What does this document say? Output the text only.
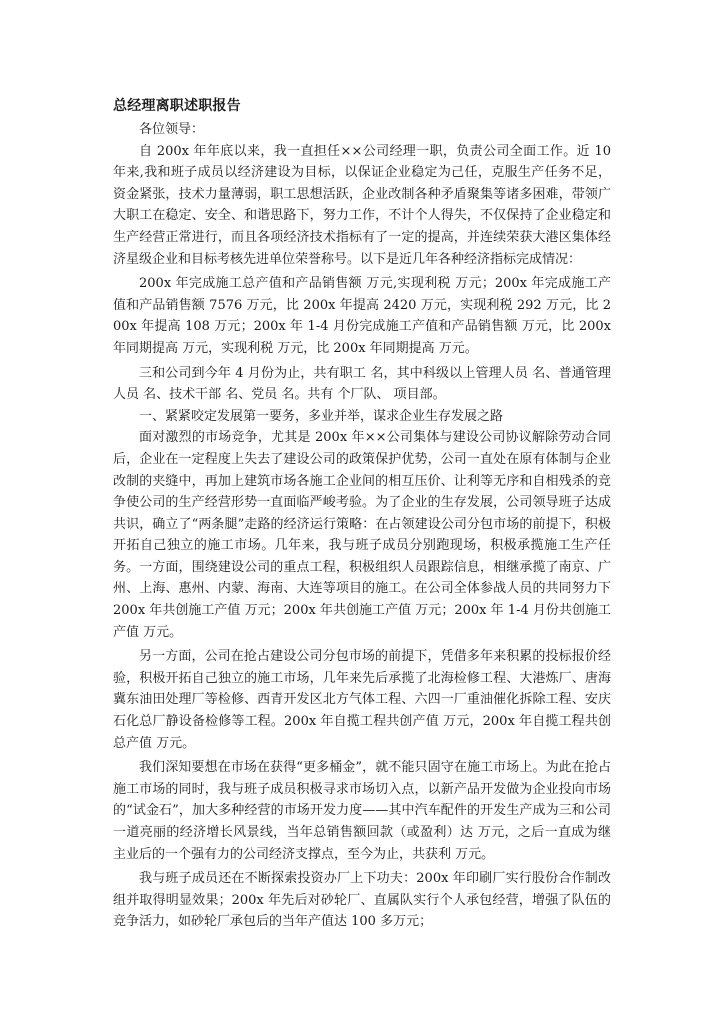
总经理离职述职报告

各位领导：

自 200x 年年底以来，我一直担任××公司经理一职，负责公司全面工作。近 10 年来,我和班子成员以经济建设为目标，以保证企业稳定为己任，克服生产任务不足，资金紧张，技术力量薄弱，职工思想活跃，企业改制各种矛盾聚集等诸多困难，带领广大职工在稳定、安全、和谐思路下，努力工作，不计个人得失，不仅保持了企业稳定和生产经营正常进行，而且各项经济技术指标有了一定的提高，并连续荣获大港区集体经济星级企业和目标考核先进单位荣誉称号。以下是近几年各种经济指标完成情况：

200x 年完成施工总产值和产品销售额 万元,实现利税 万元；200x 年完成施工产值和产品销售额 7576 万元，比 200x 年提高 2420 万元，实现利税 292 万元，比 200x 年提高 108 万元；200x 年 1-4 月份完成施工产值和产品销售额 万元，比 200x 年同期提高 万元，实现利税 万元，比 200x 年同期提高 万元。

三和公司到今年 4 月份为止，共有职工 名，其中科级以上管理人员 名、普通管理人员 名、技术干部 名、党员 名。共有 个厂队、 项目部。

一、紧紧咬定发展第一要务，多业并举，谋求企业生存发展之路

面对激烈的市场竞争，尤其是 200x 年××公司集体与建设公司协议解除劳动合同后，企业在一定程度上失去了建设公司的政策保护优势，公司一直处在原有体制与企业改制的夹缝中，再加上建筑市场各施工企业间的相互压价、让利等无序和自相残杀的竞争使公司的生产经营形势一直面临严峻考验。为了企业的生存发展，公司领导班子达成共识，确立了“两条腿”走路的经济运行策略：在占领建设公司分包市场的前提下，积极开拓自己独立的施工市场。几年来，我与班子成员分别跑现场，积极承揽施工生产任务。一方面，围绕建设公司的重点工程，积极组织人员跟踪信息，相继承揽了南京、广州、上海、惠州、内蒙、海南、大连等项目的施工。在公司全体参战人员的共同努力下 200x 年共创施工产值 万元；200x 年共创施工产值 万元；200x 年 1-4 月份共创施工产值 万元。

另一方面，公司在抢占建设公司分包市场的前提下，凭借多年来积累的投标报价经验，积极开拓自己独立的施工市场，几年来先后承揽了北海检修工程、大港炼厂、唐海冀东油田处理厂等检修、西青开发区北方气体工程、六四一厂重油催化拆除工程、安庆石化总厂静设备检修等工程。200x 年自揽工程共创产值 万元，200x 年自揽工程共创总产值 万元。

我们深知要想在市场在获得“更多桶金”，就不能只固守在施工市场上。为此在抢占施工市场的同时，我与班子成员积极寻求市场切入点，以新产品开发做为企业投向市场的“试金石”，加大多种经营的市场开发力度——其中汽车配件的开发生产成为三和公司一道亮丽的经济增长风景线，当年总销售额回款（或盈利）达 万元，之后一直成为继主业后的一个强有力的公司经济支撑点，至今为止，共获利 万元。

我与班子成员还在不断探索投资办厂上下功夫：200x 年印刷厂实行股份合作制改组并取得明显效果；200x 年先后对砂轮厂、直属队实行个人承包经营，增强了队伍的竞争活力，如砂轮厂承包后的当年产值达 100 多万元；
